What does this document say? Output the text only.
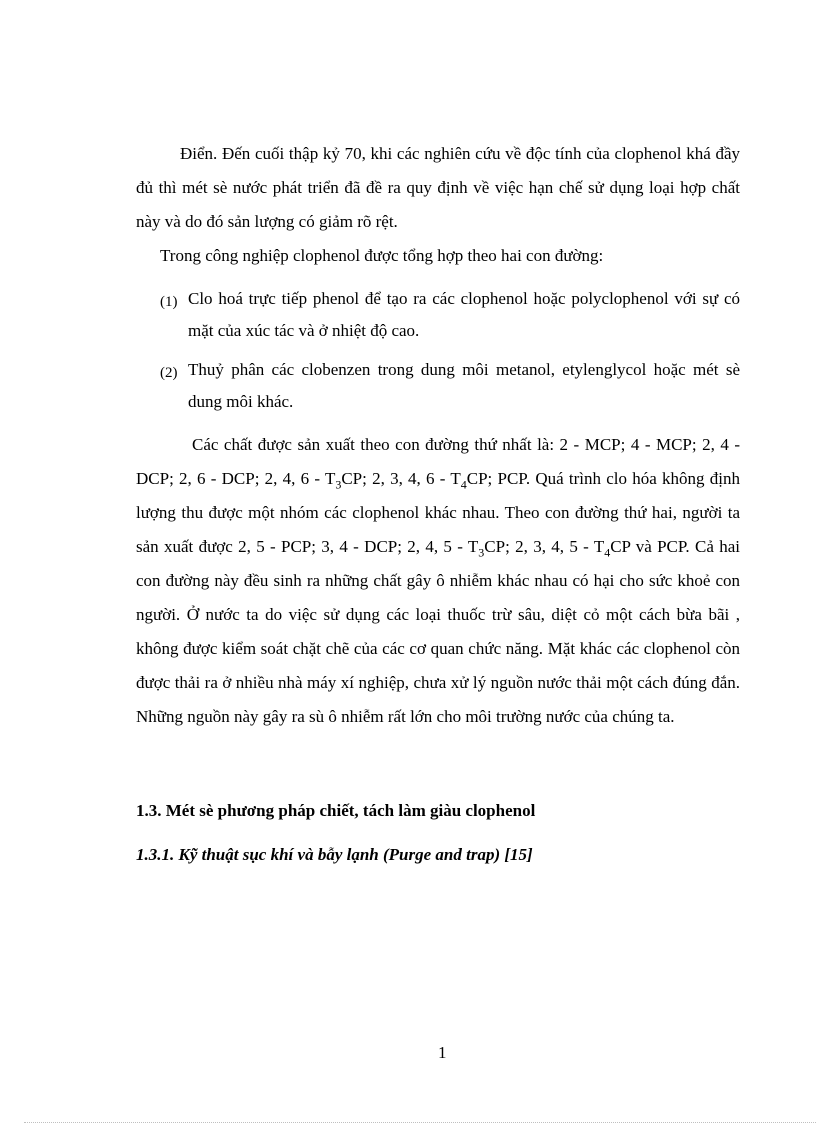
Điển. Đến cuối thập kỷ 70, khi các nghiên cứu về độc tính của clophenol khá đầy đủ thì mét sè nước phát triển đã đề ra quy định về việc hạn chế sử dụng loại hợp chất này và do đó sản lượng có giảm rõ rệt.

Trong công nghiệp clophenol được tổng hợp theo hai con đường:

(1) Clo hoá trực tiếp phenol để tạo ra các clophenol hoặc polyclophenol với sự có mặt của xúc tác và ở nhiệt độ cao.
(2) Thuỷ phân các clobenzen trong dung môi metanol, etylenglycol hoặc mét sè dung môi khác.

Các chất được sản xuất theo con đường thứ nhất là: 2 - MCP; 4 - MCP; 2, 4 - DCP; 2, 6 - DCP; 2, 4, $6 - T_3CP$; 2, 3, 4, $6 - T_4CP$; PCP. Quá trình clo hóa không định lượng thu được một nhóm các clophenol khác nhau. Theo con đường thứ hai, người ta sản xuất được 2, 5 - PCP; 3, 4 - DCP; 2, 4, $5 - T_3CP$; 2, 3, 4, $5 - T_4CP$ và PCP. Cả hai con đường này đều sinh ra những chất gây ô nhiễm khác nhau có hại cho sức khoẻ con người. Ở nước ta do việc sử dụng các loại thuốc trừ sâu, diệt cỏ một cách bừa bãi , không được kiểm soát chặt chẽ của các cơ quan chức năng. Mặt khác các clophenol còn được thải ra ở nhiều nhà máy xí nghiệp, chưa xử lý nguồn nước thải một cách đúng đắn. Những nguồn này gây ra sù ô nhiễm rất lớn cho môi trường nước của chúng ta.

1.3. Mét sè phương pháp chiết, tách làm giàu clophenol
1.3.1. Kỹ thuật sục khí và bẫy lạnh (Purge and trap) [15]
1
